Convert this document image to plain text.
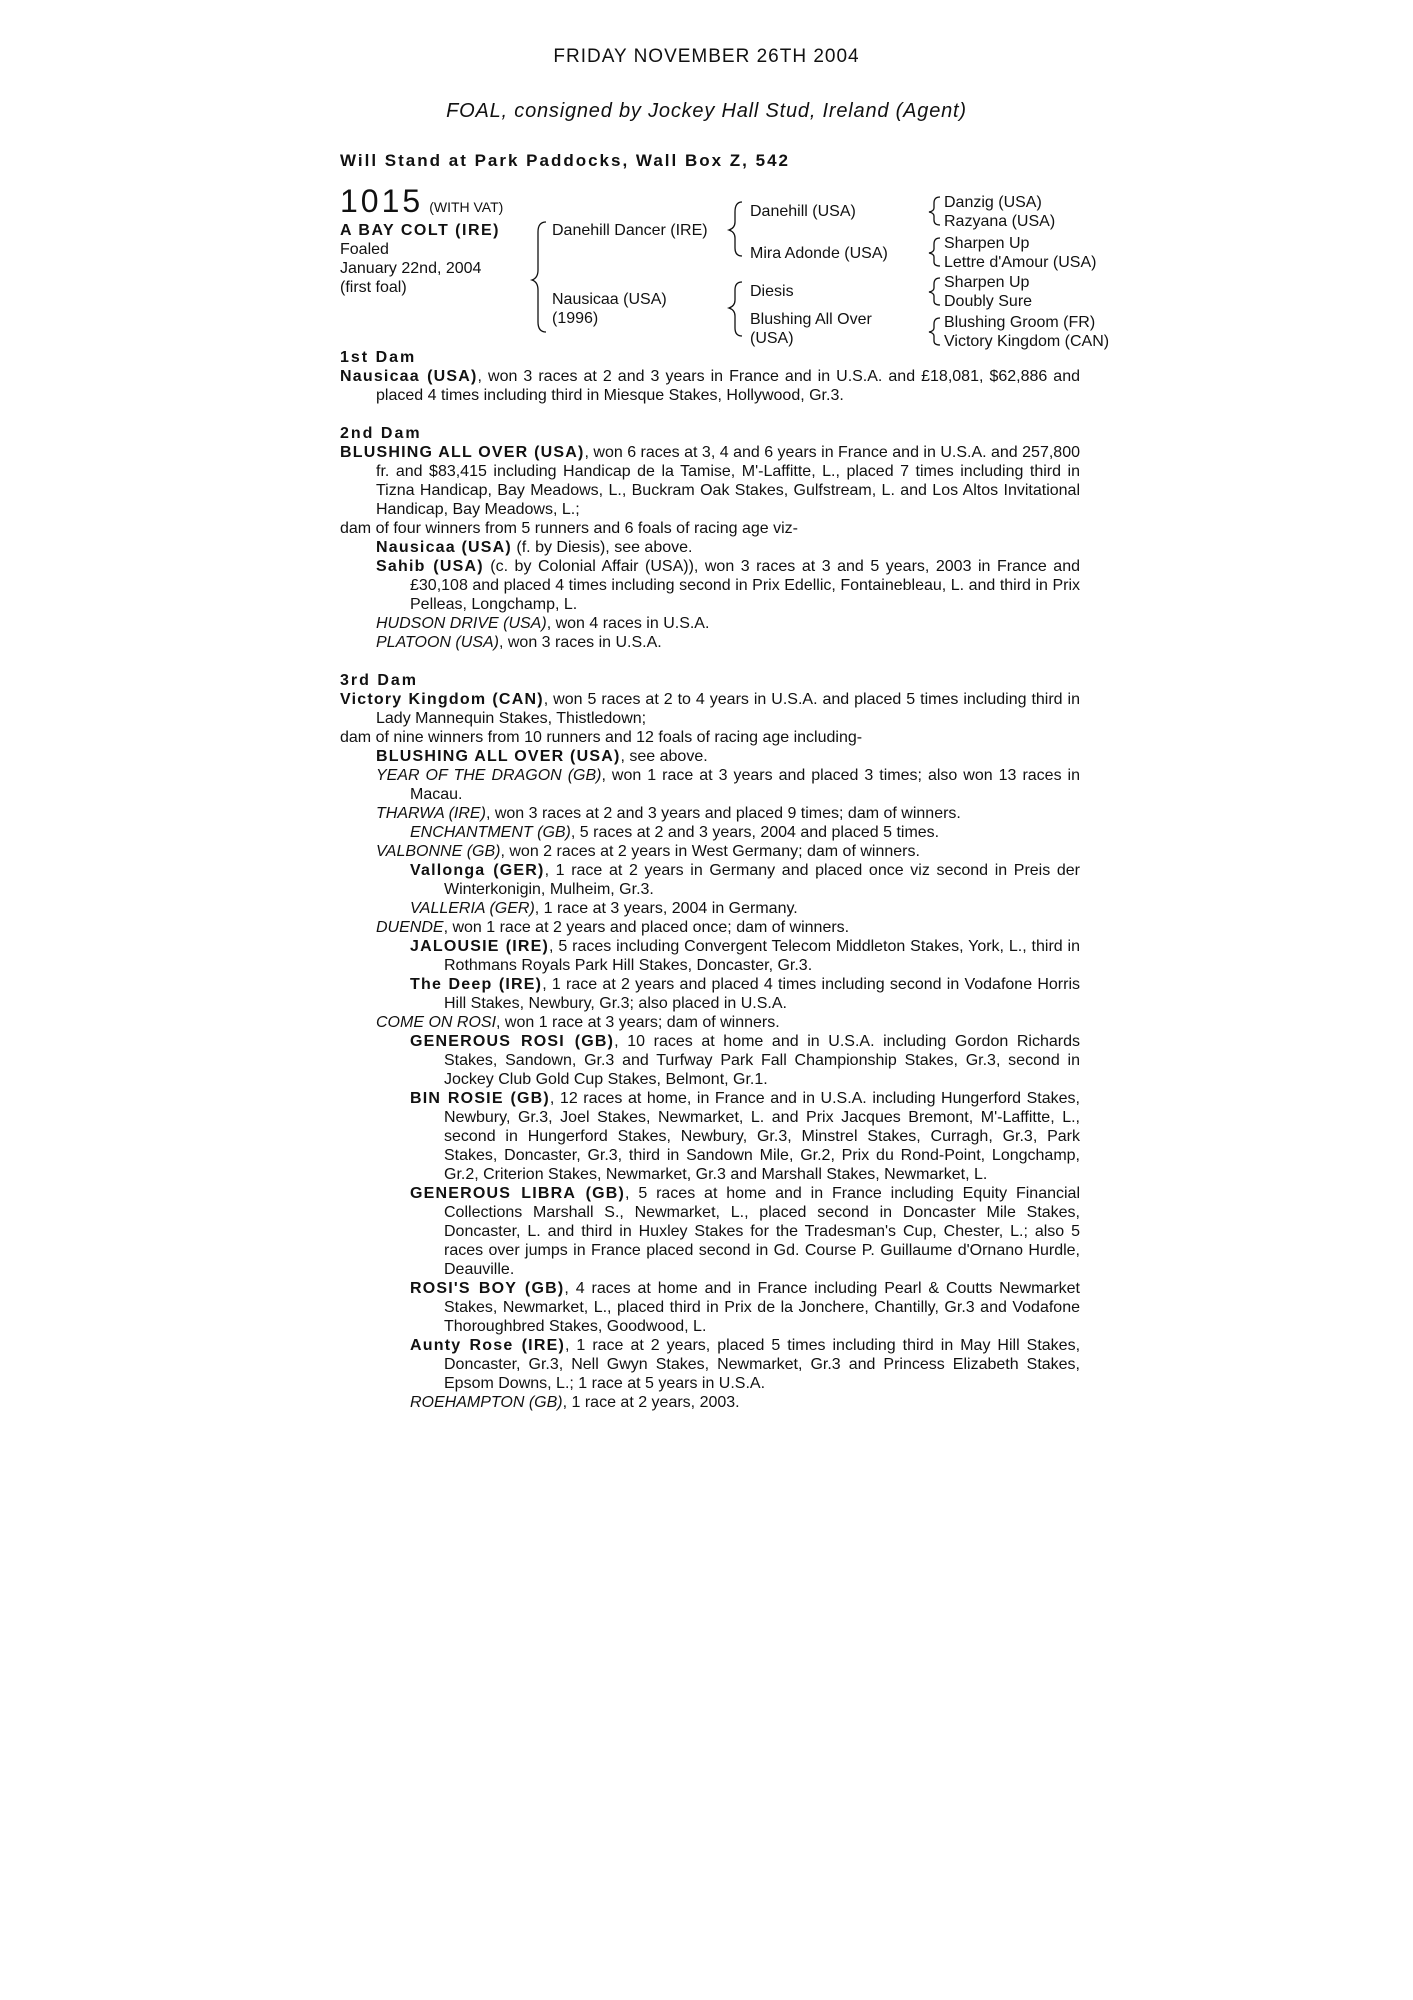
FRIDAY NOVEMBER 26TH 2004
FOAL, consigned by Jockey Hall Stud, Ireland (Agent)
Will Stand at Park Paddocks, Wall Box Z, 542
1015 (WITH VAT)
A BAY COLT (IRE)
Foaled
January 22nd, 2004
(first foal)
Danehill Dancer (IRE)
Nausicaa (USA)
(1996)
Danehill (USA)
Mira Adonde (USA)
Diesis
Blushing All Over
(USA)
Danzig (USA)
Razyana (USA)
Sharpen Up
Lettre d'Amour (USA)
Sharpen Up
Doubly Sure
Blushing Groom (FR)
Victory Kingdom (CAN)
1st Dam

Nausicaa (USA), won 3 races at 2 and 3 years in France and in U.S.A. and £18,081, $62,886 and placed 4 times including third in Miesque Stakes, Hollywood, Gr.3.

2nd Dam

BLUSHING ALL OVER (USA), won 6 races at 3, 4 and 6 years in France and in U.S.A. and 257,800 fr. and $83,415 including Handicap de la Tamise, M'-Laffitte, L., placed 7 times including third in Tizna Handicap, Bay Meadows, L., Buckram Oak Stakes, Gulfstream, L. and Los Altos Invitational Handicap, Bay Meadows, L.;

dam of four winners from 5 runners and 6 foals of racing age viz-

Nausicaa (USA) (f. by Diesis), see above.

Sahib (USA) (c. by Colonial Affair (USA)), won 3 races at 3 and 5 years, 2003 in France and £30,108 and placed 4 times including second in Prix Edellic, Fontainebleau, L. and third in Prix Pelleas, Longchamp, L.

HUDSON DRIVE (USA), won 4 races in U.S.A.

PLATOON (USA), won 3 races in U.S.A.

3rd Dam

Victory Kingdom (CAN), won 5 races at 2 to 4 years in U.S.A. and placed 5 times including third in Lady Mannequin Stakes, Thistledown;

dam of nine winners from 10 runners and 12 foals of racing age including-

BLUSHING ALL OVER (USA), see above.

YEAR OF THE DRAGON (GB), won 1 race at 3 years and placed 3 times; also won 13 races in Macau.

THARWA (IRE), won 3 races at 2 and 3 years and placed 9 times; dam of winners.

ENCHANTMENT (GB), 5 races at 2 and 3 years, 2004 and placed 5 times.

VALBONNE (GB), won 2 races at 2 years in West Germany; dam of winners.

Vallonga (GER), 1 race at 2 years in Germany and placed once viz second in Preis der Winterkonigin, Mulheim, Gr.3.

VALLERIA (GER), 1 race at 3 years, 2004 in Germany.

DUENDE, won 1 race at 2 years and placed once; dam of winners.

JALOUSIE (IRE), 5 races including Convergent Telecom Middleton Stakes, York, L., third in Rothmans Royals Park Hill Stakes, Doncaster, Gr.3.

The Deep (IRE), 1 race at 2 years and placed 4 times including second in Vodafone Horris Hill Stakes, Newbury, Gr.3; also placed in U.S.A.

COME ON ROSI, won 1 race at 3 years; dam of winners.

GENEROUS ROSI (GB), 10 races at home and in U.S.A. including Gordon Richards Stakes, Sandown, Gr.3 and Turfway Park Fall Championship Stakes, Gr.3, second in Jockey Club Gold Cup Stakes, Belmont, Gr.1.

BIN ROSIE (GB), 12 races at home, in France and in U.S.A. including Hungerford Stakes, Newbury, Gr.3, Joel Stakes, Newmarket, L. and Prix Jacques Bremont, M'-Laffitte, L., second in Hungerford Stakes, Newbury, Gr.3, Minstrel Stakes, Curragh, Gr.3, Park Stakes, Doncaster, Gr.3, third in Sandown Mile, Gr.2, Prix du Rond-Point, Longchamp, Gr.2, Criterion Stakes, Newmarket, Gr.3 and Marshall Stakes, Newmarket, L.

GENEROUS LIBRA (GB), 5 races at home and in France including Equity Financial Collections Marshall S., Newmarket, L., placed second in Doncaster Mile Stakes, Doncaster, L. and third in Huxley Stakes for the Tradesman's Cup, Chester, L.; also 5 races over jumps in France placed second in Gd. Course P. Guillaume d'Ornano Hurdle, Deauville.

ROSI'S BOY (GB), 4 races at home and in France including Pearl & Coutts Newmarket Stakes, Newmarket, L., placed third in Prix de la Jonchere, Chantilly, Gr.3 and Vodafone Thoroughbred Stakes, Goodwood, L.

Aunty Rose (IRE), 1 race at 2 years, placed 5 times including third in May Hill Stakes, Doncaster, Gr.3, Nell Gwyn Stakes, Newmarket, Gr.3 and Princess Elizabeth Stakes, Epsom Downs, L.; 1 race at 5 years in U.S.A.

ROEHAMPTON (GB), 1 race at 2 years, 2003.
